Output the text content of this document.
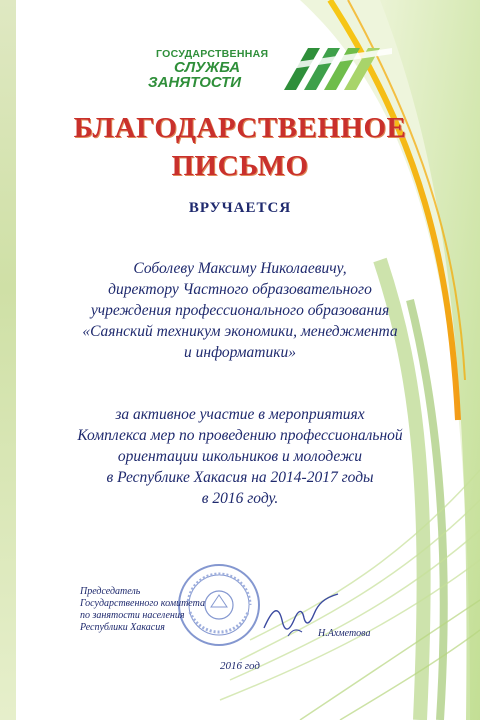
ГОСУДАРСТВЕННАЯ
СЛУЖБА
ЗАНЯТОСТИ
БЛАГОДАРСТВЕННОЕ
ПИСЬМО
ВРУЧАЕТСЯ
Соболеву Максиму Николаевичу,
директору Частного образовательного
учреждения профессионального образования
«Саянский техникум экономики, менеджмента
и информатики»
за активное участие в мероприятиях
Комплекса мер по проведению профессиональной
ориентации школьников и молодежи
в Республике Хакасия на 2014-2017 годы
в 2016 году.
Председатель
Государственного комитета
по занятости населения
Республики Хакасия
Н.Ахметова
2016 год
